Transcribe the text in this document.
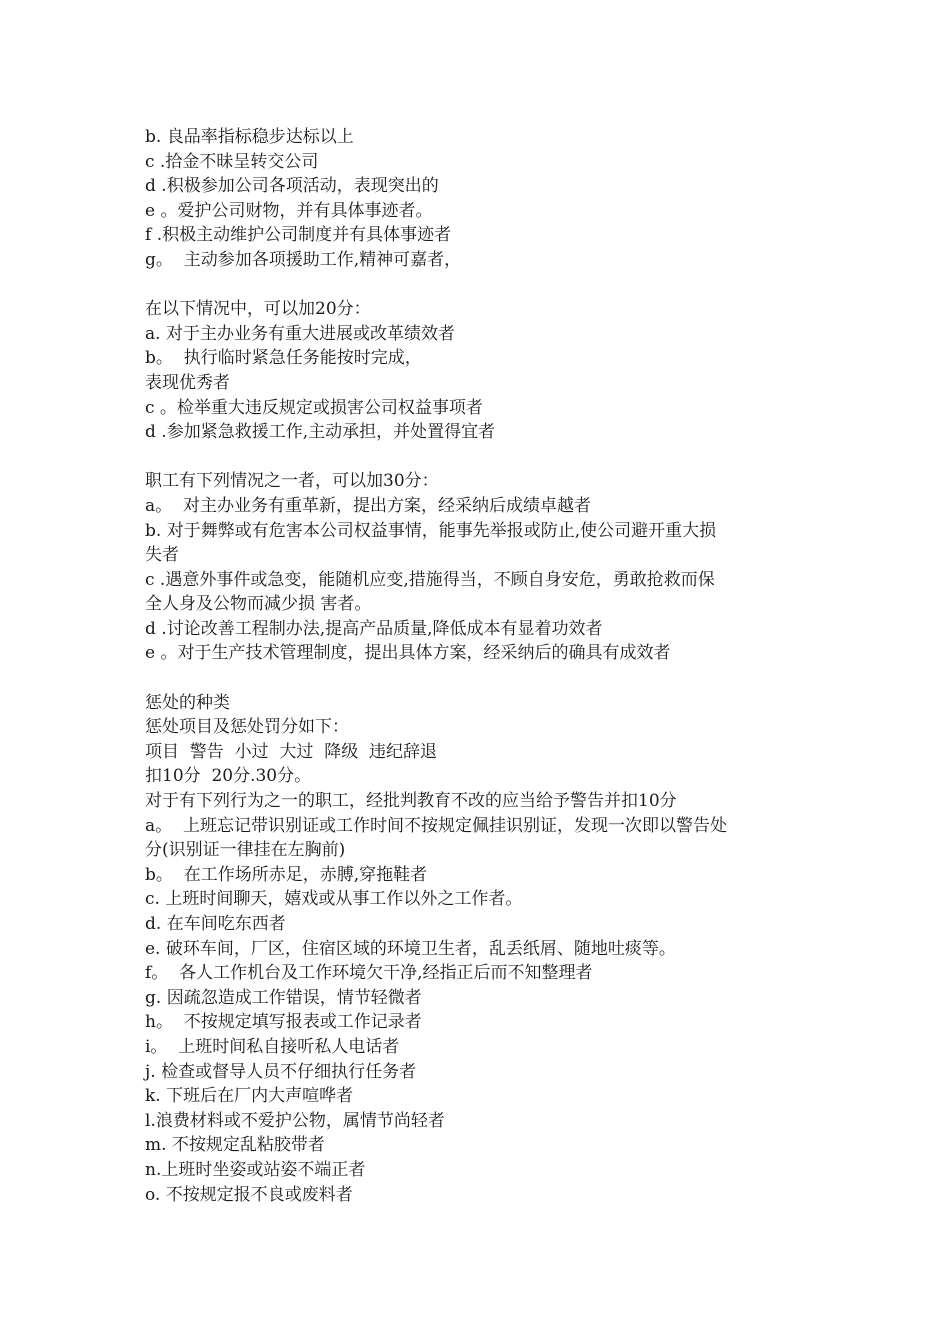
b. 良品率指标稳步达标以上
c .拾金不昧呈转交公司
d .积极参加公司各项活动，表现突出的
e 。爱护公司财物，并有具体事迹者。
f .积极主动维护公司制度并有具体事迹者
g。  主动参加各项援助工作,精神可嘉者，
在以下情况中，可以加20分：
a. 对于主办业务有重大进展或改革绩效者
b。  执行临时紧急任务能按时完成，
表现优秀者
c 。检举重大违反规定或损害公司权益事项者
d .参加紧急救援工作,主动承担，并处置得宜者
职工有下列情况之一者，可以加30分：
a。  对主办业务有重革新，提出方案，经采纳后成绩卓越者
b. 对于舞弊或有危害本公司权益事情，能事先举报或防止,使公司避开重大损
失者
c .遇意外事件或急变，能随机应变,措施得当，不顾自身安危，勇敢抢救而保
全人身及公物而减少损 害者。
d .讨论改善工程制办法,提高产品质量,降低成本有显着功效者
e 。对于生产技术管理制度，提出具体方案，经采纳后的确具有成效者
惩处的种类
惩处项目及惩处罚分如下：
项目  警告  小过  大过  降级  违纪辞退
扣10分  20分.30分。
对于有下列行为之一的职工，经批判教育不改的应当给予警告并扣10分
a。  上班忘记带识别证或工作时间不按规定佩挂识别证，发现一次即以警告处
分(识别证一律挂在左胸前)
b。  在工作场所赤足，赤膊,穿拖鞋者
c. 上班时间聊天，嬉戏或从事工作以外之工作者。
d. 在车间吃东西者
e. 破环车间，厂区，住宿区域的环境卫生者，乱丢纸屑、随地吐痰等。
f。  各人工作机台及工作环境欠干净,经指正后而不知整理者
g. 因疏忽造成工作错误，情节轻微者
h。  不按规定填写报表或工作记录者
i。  上班时间私自接听私人电话者
j. 检查或督导人员不仔细执行任务者
k. 下班后在厂内大声喧哗者
l.浪费材料或不爱护公物，属情节尚轻者
m. 不按规定乱粘胶带者
n.上班时坐姿或站姿不端正者
o. 不按规定报不良或废料者
